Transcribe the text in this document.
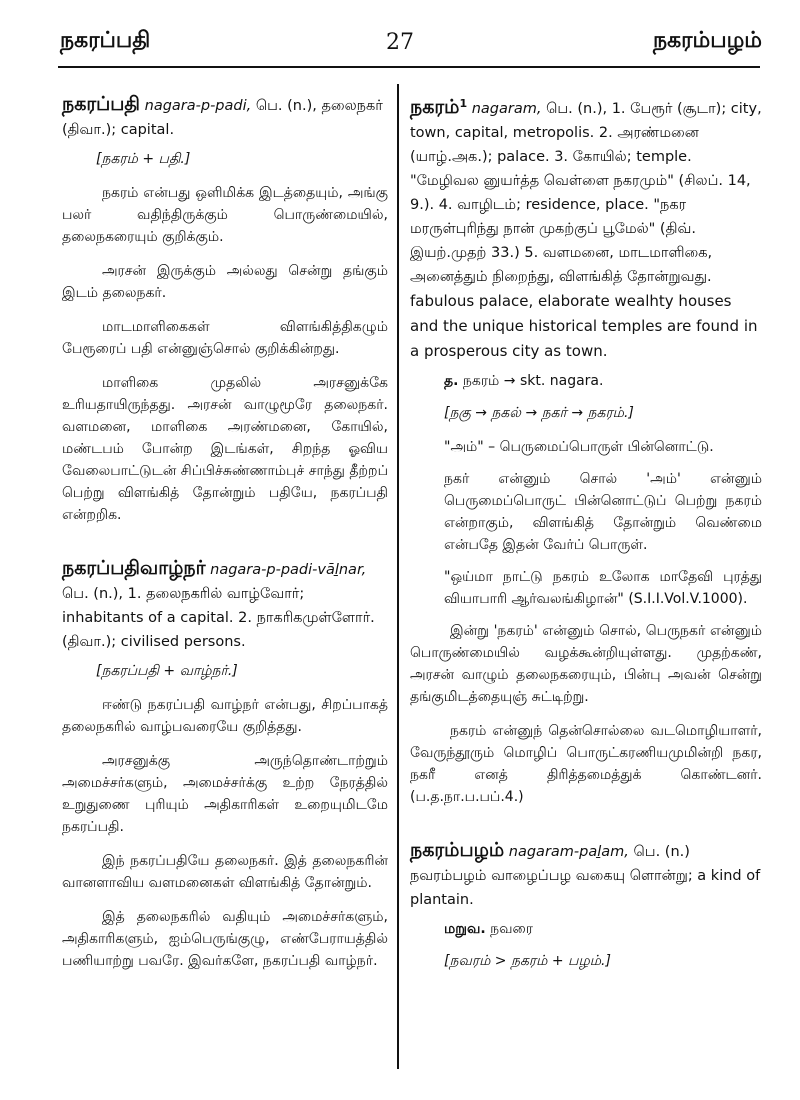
நகரப்பதி	27	நகரம்பழம்
நகரப்பதி nagara-p-padi, பெ. (n.), தலைநகர் (திவா.); capital.
[நகரம் + பதி.]

நகரம் என்பது ஒளிமிக்க இடத்தையும், அங்கு பலர் வதிந்திருக்கும் பொருண்மையில், தலைநகரையும் குறிக்கும்.

அரசன் இருக்கும் அல்லது சென்று தங்கும் இடம் தலைநகர்.

மாடமாளிகைகள் விளங்கித்திகழும் பேரூரைப் பதி என்னுஞ்சொல் குறிக்கின்றது.

மாளிகை முதலில் அரசனுக்கே உரியதாயிருந்தது. அரசன் வாழுமூரே தலைநகர். வளமனை, மாளிகை அரண்மனை, கோயில், மண்டபம் போன்ற இடங்கள், சிறந்த ஓவிய வேலைபாட்டுடன் சிப்பிச்சுண்ணாம்புச் சாந்து தீற்றப் பெற்று விளங்கித் தோன்றும் பதியே, நகரப்பதி என்றறிக.

நகரப்பதிவாழ்நர் nagara-p-padi-vāḻnar, பெ. (n.), 1. தலைநகரில் வாழ்வோர்; inhabitants of a capital. 2. நாகரிகமுள்ளோர். (திவா.); civilised persons.
[நகரப்பதி + வாழ்நர்.]

ஈண்டு நகரப்பதி வாழ்நர் என்பது, சிறப்பாகத் தலைநகரில் வாழ்பவரையே குறித்தது.

அரசனுக்கு அருந்தொண்டாற்றும் அமைச்சர்களும், அமைச்சர்க்கு உற்ற நேரத்தில் உறுதுணை புரியும் அதிகாரிகள் உறையுமிடமே நகரப்பதி.

இந் நகரப்பதியே தலைநகர். இத் தலைநகரின் வானளாவிய வளமனைகள் விளங்கித் தோன்றும்.

இத் தலைநகரில் வதியும் அமைச்சர்களும், அதிகாரிகளும், ஐம்பெருங்குழு, எண்பேராயத்தில் பணியாற்று பவரே. இவர்களே, நகரப்பதி வாழ்நர்.

நகரம்$^1$ nagaram, பெ. (n.), 1. பேரூர் (சூடா); city, town, capital, metropolis. 2. அரண்மனை (யாழ்.அக.); palace. 3. கோயில்; temple. "மேழிவல னுயர்த்த வெள்ளை நகரமும்" (சிலப். 14, 9.). 4. வாழிடம்; residence, place. "நகர மரருள்புரிந்து நான் முகற்குப் பூமேல்" (திவ். இயற்.முதற் 33.) 5. வளமனை, மாடமாளிகை, அனைத்தும் நிறைந்து, விளங்கித் தோன்றுவது. fabulous palace, elaborate wealhty houses and the unique historical temples are found in a prosperous city as town.
த. நகரம் → skt. nagara.
[நகு → நகல் → நகர் → நகரம்.]

"அம்" – பெருமைப்பொருள் பின்னொட்டு.

நகர் என்னும் சொல் 'அம்' என்னும் பெருமைப்பொருட் பின்னொட்டுப் பெற்று நகரம் என்றாகும், விளங்கித் தோன்றும் வெண்மை என்பதே இதன் வேர்ப் பொருள்.

"ஒய்மா நாட்டு நகரம் உலோக மாதேவி புரத்து வியாபாரி ஆர்வலங்கிழான்" (S.I.I.Vol.V.1000).

இன்று 'நகரம்' என்னும் சொல், பெருநகர் என்னும் பொருண்மையில் வழக்கூன்றியுள்ளது. முதற்கண், அரசன் வாழும் தலைநகரையும், பின்பு அவன் சென்று தங்குமிடத்தையுஞ் சுட்டிற்று.

நகரம் என்னுந் தென்சொல்லை வடமொழியாளர், வேருந்தூரும் மொழிப் பொருட்கரணியமுமின்றி நகர, நகரீ எனத் திரித்தமைத்துக் கொண்டனர். (ப.த.நா.ப.பப்.4.)

நகரம்பழம் nagaram-paḻam, பெ. (n.) நவரம்பழம் வாழைப்பழ வகையு ளொன்று; a kind of plantain.
மறுவ. நவரை
[நவரம் > நகரம் + பழம்.]
